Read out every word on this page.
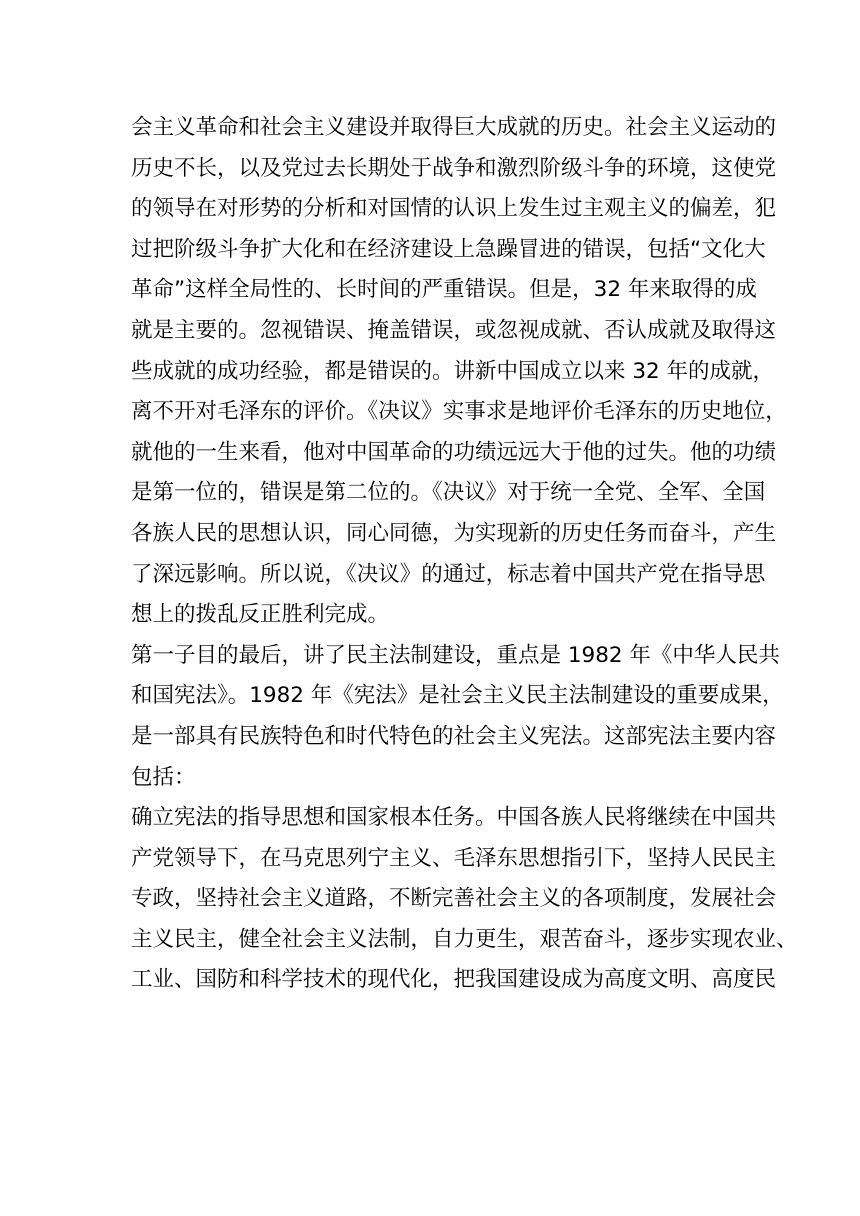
会主义革命和社会主义建设并取得巨大成就的历史。社会主义运动的
历史不长，以及党过去长期处于战争和激烈阶级斗争的环境，这使党
的领导在对形势的分析和对国情的认识上发生过主观主义的偏差，犯
过把阶级斗争扩大化和在经济建设上急躁冒进的错误，包括“文化大
革命”这样全局性的、长时间的严重错误。但是，32 年来取得的成
就是主要的。忽视错误、掩盖错误，或忽视成就、否认成就及取得这
些成就的成功经验，都是错误的。讲新中国成立以来 32 年的成就，
离不开对毛泽东的评价。《决议》实事求是地评价毛泽东的历史地位，
就他的一生来看，他对中国革命的功绩远远大于他的过失。他的功绩
是第一位的，错误是第二位的。《决议》对于统一全党、全军、全国
各族人民的思想认识，同心同德，为实现新的历史任务而奋斗，产生
了深远影响。所以说，《决议》的通过，标志着中国共产党在指导思
想上的拨乱反正胜利完成。
第一子目的最后，讲了民主法制建设，重点是 1982 年《中华人民共
和国宪法》。1982 年《宪法》是社会主义民主法制建设的重要成果，
是一部具有民族特色和时代特色的社会主义宪法。这部宪法主要内容
包括：
确立宪法的指导思想和国家根本任务。中国各族人民将继续在中国共
产党领导下，在马克思列宁主义、毛泽东思想指引下，坚持人民民主
专政，坚持社会主义道路，不断完善社会主义的各项制度，发展社会
主义民主，健全社会主义法制，自力更生，艰苦奋斗，逐步实现农业、
工业、国防和科学技术的现代化，把我国建设成为高度文明、高度民
